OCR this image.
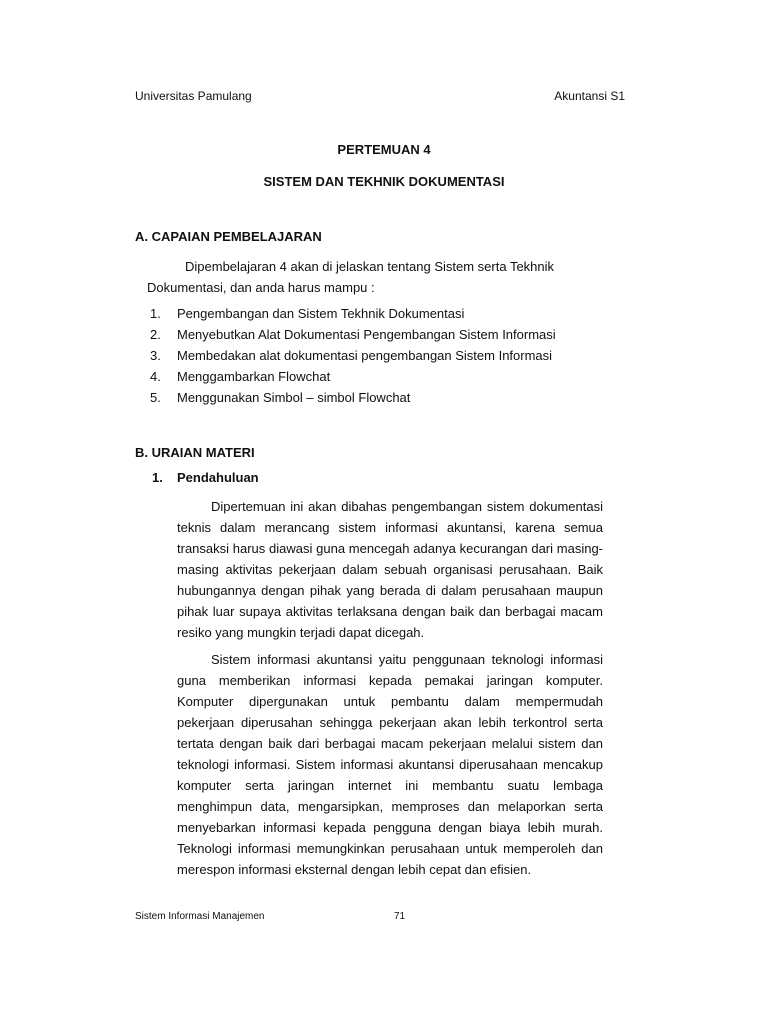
Universitas Pamulang	Akuntansi S1
PERTEMUAN 4
SISTEM DAN TEKHNIK DOKUMENTASI
A. CAPAIAN PEMBELAJARAN
Dipembelajaran 4 akan di jelaskan tentang Sistem serta Tekhnik
Dokumentasi, dan anda harus mampu :
1.	Pengembangan dan Sistem Tekhnik Dokumentasi
2.	Menyebutkan Alat Dokumentasi Pengembangan Sistem Informasi
3.	Membedakan alat dokumentasi pengembangan Sistem Informasi
4.	Menggambarkan Flowchat
5.	Menggunakan Simbol – simbol Flowchat
B. URAIAN MATERI
1.	Pendahuluan

Dipertemuan ini akan dibahas pengembangan sistem dokumentasi teknis dalam merancang sistem informasi akuntansi, karena semua transaksi harus diawasi guna mencegah adanya kecurangan dari masing-masing aktivitas pekerjaan dalam sebuah organisasi perusahaan. Baik hubungannya dengan pihak yang berada di dalam perusahaan maupun pihak luar supaya aktivitas terlaksana dengan baik dan berbagai macam resiko yang mungkin terjadi dapat dicegah.

Sistem informasi akuntansi yaitu penggunaan teknologi informasi guna memberikan informasi kepada pemakai jaringan komputer. Komputer dipergunakan untuk pembantu dalam mempermudah pekerjaan diperusahan sehingga pekerjaan akan lebih terkontrol serta tertata dengan baik dari berbagai macam pekerjaan melalui sistem dan teknologi informasi. Sistem informasi akuntansi diperusahaan mencakup komputer serta jaringan internet ini membantu suatu lembaga menghimpun data, mengarsipkan, memproses dan melaporkan serta menyebarkan informasi kepada pengguna dengan biaya lebih murah. Teknologi informasi memungkinkan perusahaan untuk memperoleh dan merespon informasi eksternal dengan lebih cepat dan efisien.

Sistem Informasi Manajemen	71
